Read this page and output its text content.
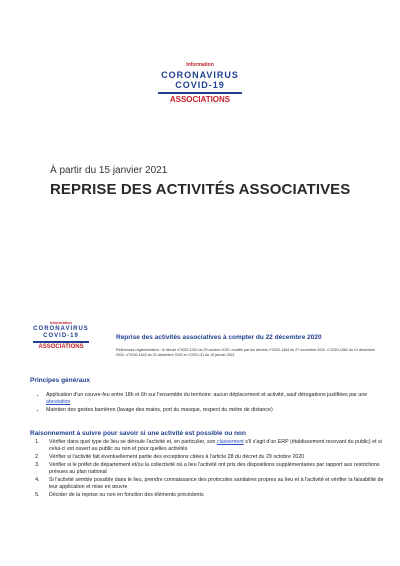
Information
CORONAVIRUS
COVID-19
ASSOCIATIONS
À partir du 15 janvier 2021
REPRISE DES ACTIVITÉS ASSOCIATIVES
Information
CORONAVIRUS
COVID-19
ASSOCIATIONS
Reprise des activités associatives à compter du 22 décembre 2020
Références réglementaires : le décret n°2020-1310 du 29 octobre 2020, modifié par les décrets n°2020-1454 du 27 novembre 2020, n°2020-1582 du 14 décembre 2020, n°2020-1643 du 22 décembre 2020 et n°2021-31 du 15 janvier 2021
Principes généraux
• Application d'un couvre-feu entre 18h et 6h sur l'ensemble du territoire: aucun déplacement et activité, sauf dérogations justifiées par une attestation
• Maintien des gestes barrières (lavage des mains, port du masque, respect du mètre de distance)
Raisonnement à suivre pour savoir si une activité est possible ou non
1. Vérifier dans quel type de lieu se déroule l'activité et, en particulier, son classement s'il s'agit d'un ERP (établissement recevant du public) et si celui-ci est ouvert au public ou non et pour quelles activités
2. Vérifier si l'activité fait éventuellement partie des exceptions citées à l'article 28 du décret du 29 octobre 2020
3. Vérifier si le préfet de département et/ou la collectivité où a lieu l'activité ont pris des dispositions supplémentaires par rapport aux restrictions prévues au plan national
4. Si l'activité semble possible dans le lieu, prendre connaissance des protocoles sanitaires propres au lieu et à l'activité et vérifier la faisabilité de leur application et mise en œuvre
5. Décider de la reprise ou non en fonction des éléments précédents
